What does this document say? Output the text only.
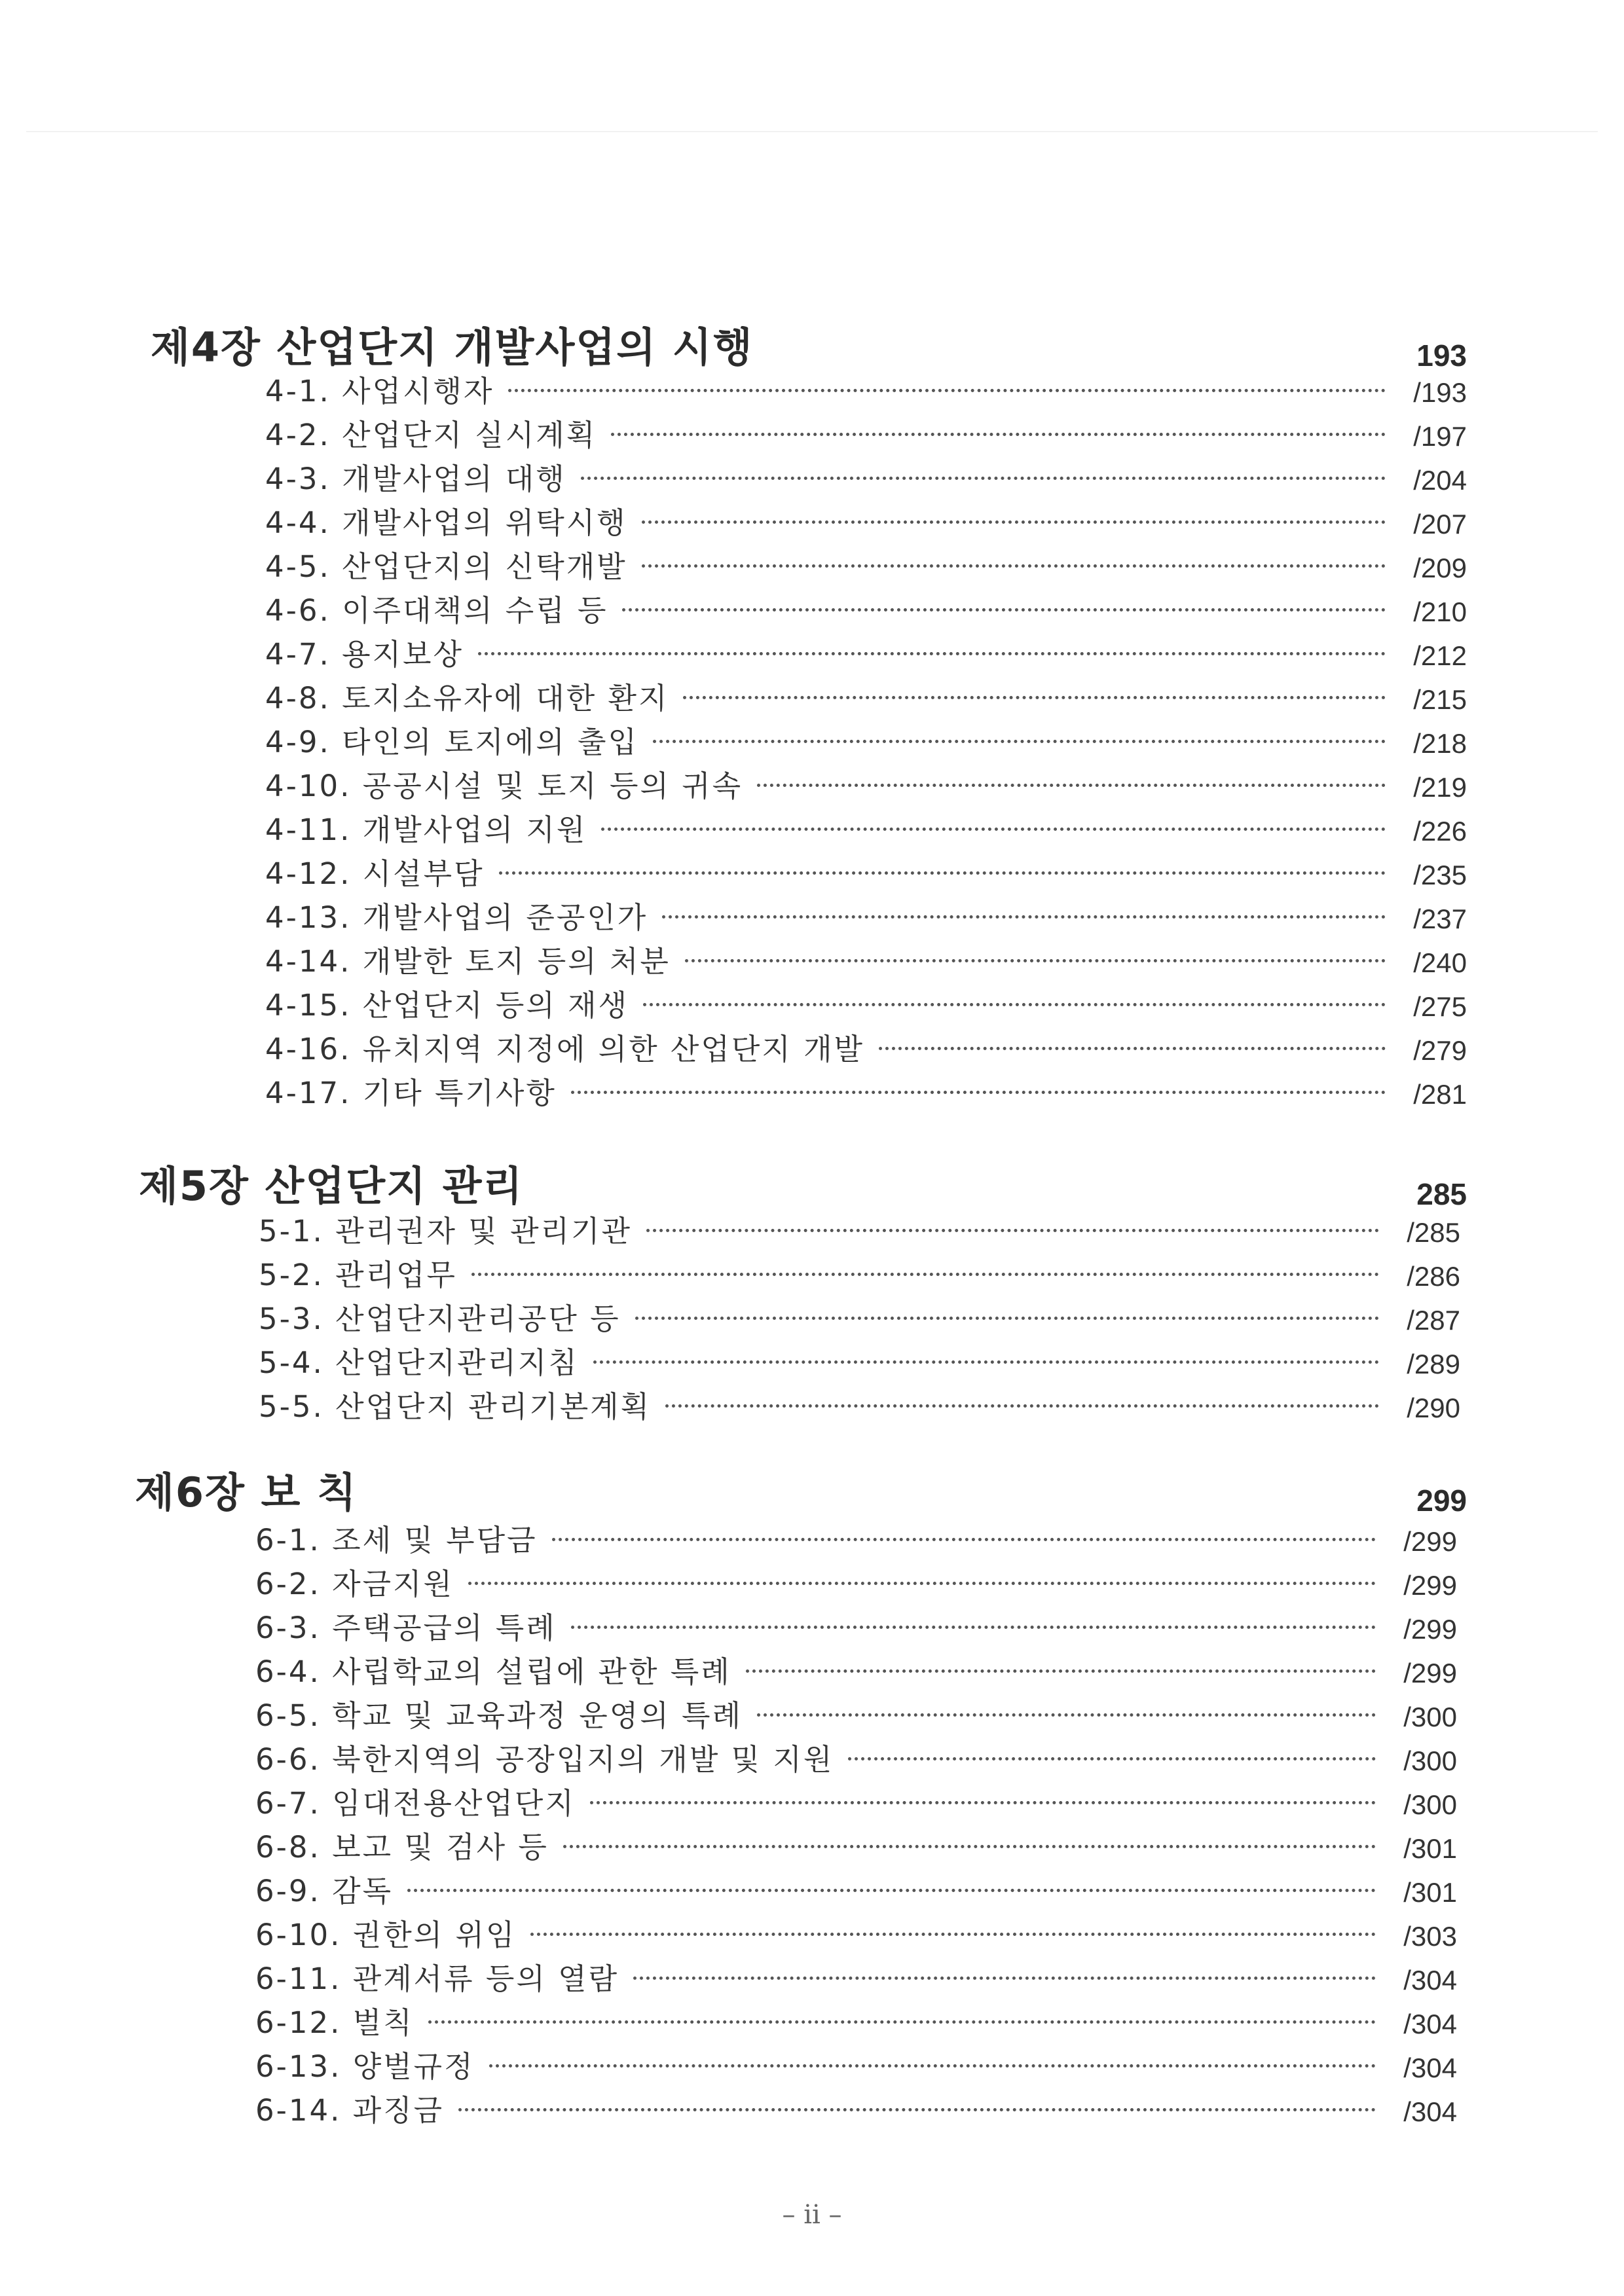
제4장 산업단지 개발사업의 시행	193
4-1. 사업시행자	/193
4-2. 산업단지 실시계획	/197
4-3. 개발사업의 대행	/204
4-4. 개발사업의 위탁시행	/207
4-5. 산업단지의 신탁개발	/209
4-6. 이주대책의 수립 등	/210
4-7. 용지보상	/212
4-8. 토지소유자에 대한 환지	/215
4-9. 타인의 토지에의 출입	/218
4-10. 공공시설 및 토지 등의 귀속	/219
4-11. 개발사업의 지원	/226
4-12. 시설부담	/235
4-13. 개발사업의 준공인가	/237
4-14. 개발한 토지 등의 처분	/240
4-15. 산업단지 등의 재생	/275
4-16. 유치지역 지정에 의한 산업단지 개발	/279
4-17. 기타 특기사항	/281
제5장 산업단지 관리	285
5-1. 관리권자 및 관리기관	/285
5-2. 관리업무	/286
5-3. 산업단지관리공단 등	/287
5-4. 산업단지관리지침	/289
5-5. 산업단지 관리기본계획	/290
제6장 보 칙	299
6-1. 조세 및 부담금	/299
6-2. 자금지원	/299
6-3. 주택공급의 특례	/299
6-4. 사립학교의 설립에 관한 특례	/299
6-5. 학교 및 교육과정 운영의 특례	/300
6-6. 북한지역의 공장입지의 개발 및 지원	/300
6-7. 임대전용산업단지	/300
6-8. 보고 및 검사 등	/301
6-9. 감독	/301
6-10. 권한의 위임	/303
6-11. 관계서류 등의 열람	/304
6-12. 벌칙	/304
6-13. 양벌규정	/304
6-14. 과징금	/304
– ii –
